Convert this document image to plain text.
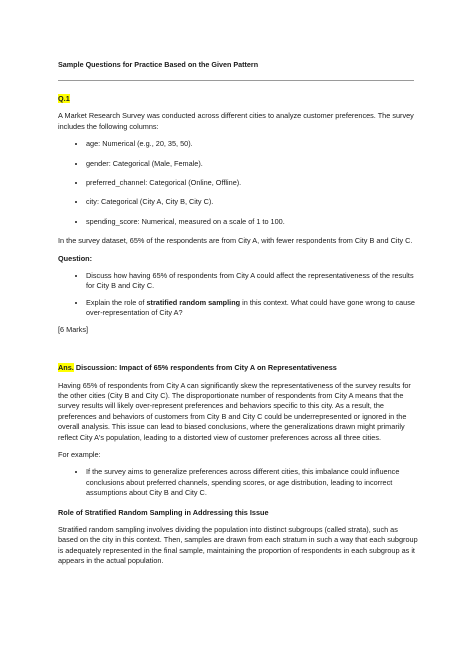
Sample Questions for Practice Based on the Given Pattern

Q.1

A Market Research Survey was conducted across different cities to analyze customer preferences. The survey includes the following columns:

• age: Numerical (e.g., 20, 35, 50).
• gender: Categorical (Male, Female).
• preferred_channel: Categorical (Online, Offline).
• city: Categorical (City A, City B, City C).
• spending_score: Numerical, measured on a scale of 1 to 100.

In the survey dataset, 65% of the respondents are from City A, with fewer respondents from City B and City C.

Question:

• Discuss how having 65% of respondents from City A could affect the representativeness of the results for City B and City C.
• Explain the role of stratified random sampling in this context. What could have gone wrong to cause over-representation of City A?

[6 Marks]

Ans. Discussion: Impact of 65% respondents from City A on Representativeness

Having 65% of respondents from City A can significantly skew the representativeness of the survey results for the other cities (City B and City C). The disproportionate number of respondents from City A means that the survey results will likely over-represent preferences and behaviors specific to this city. As a result, the preferences and behaviors of customers from City B and City C could be underrepresented or ignored in the overall analysis. This issue can lead to biased conclusions, where the generalizations drawn might primarily reflect City A's population, leading to a distorted view of customer preferences across all three cities.

For example:

• If the survey aims to generalize preferences across different cities, this imbalance could influence conclusions about preferred channels, spending scores, or age distribution, leading to incorrect assumptions about City B and City C.

Role of Stratified Random Sampling in Addressing this Issue

Stratified random sampling involves dividing the population into distinct subgroups (called strata), such as based on the city in this context. Then, samples are drawn from each stratum in such a way that each subgroup is adequately represented in the final sample, maintaining the proportion of respondents in each subgroup as it appears in the actual population.
